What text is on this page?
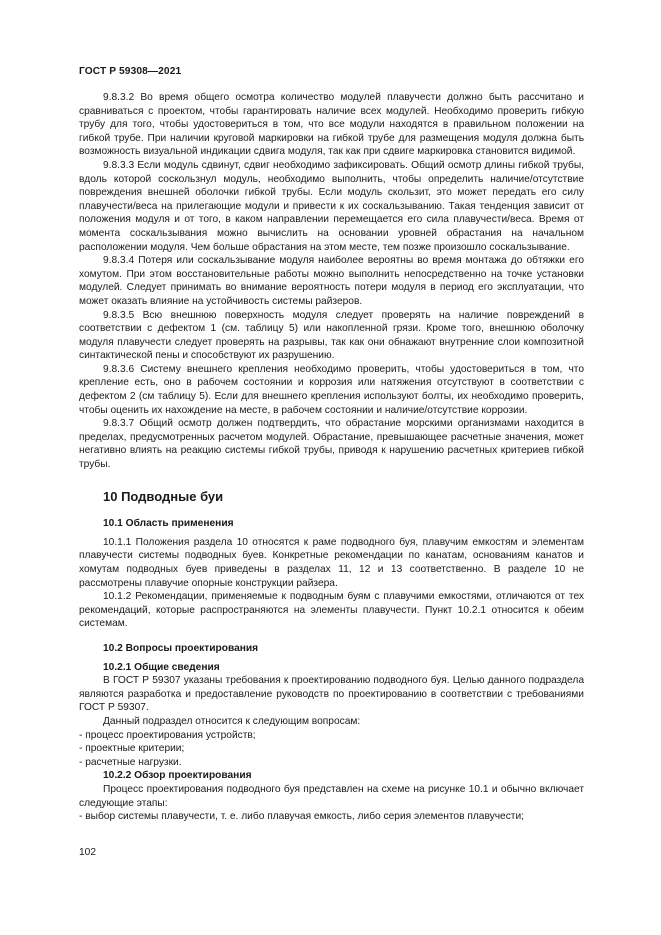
ГОСТ Р 59308—2021

9.8.3.2 Во время общего осмотра количество модулей плавучести должно быть рассчитано и сравниваться с проектом, чтобы гарантировать наличие всех модулей. Необходимо проверить гибкую трубу для того, чтобы удостовериться в том, что все модули находятся в правильном положении на гибкой трубе. При наличии круговой маркировки на гибкой трубе для размещения модуля должна быть возможность визуальной индикации сдвига модуля, так как при сдвиге маркировка становится видимой.

9.8.3.3 Если модуль сдвинут, сдвиг необходимо зафиксировать. Общий осмотр длины гибкой трубы, вдоль которой соскользнул модуль, необходимо выполнить, чтобы определить наличие/отсутствие повреждения внешней оболочки гибкой трубы. Если модуль скользит, это может передать его силу плавучести/веса на прилегающие модули и привести к их соскальзыванию. Такая тенденция зависит от положения модуля и от того, в каком направлении перемещается его сила плавучести/веса. Время от момента соскальзывания можно вычислить на основании уровней обрастания на начальном расположении модуля. Чем больше обрастания на этом месте, тем позже произошло соскальзывание.

9.8.3.4 Потеря или соскальзывание модуля наиболее вероятны во время монтажа до обтяжки его хомутом. При этом восстановительные работы можно выполнить непосредственно на точке установки модулей. Следует принимать во внимание вероятность потери модуля в период его эксплуатации, что может оказать влияние на устойчивость системы райзеров.

9.8.3.5 Всю внешнюю поверхность модуля следует проверять на наличие повреждений в соответствии с дефектом 1 (см. таблицу 5) или накопленной грязи. Кроме того, внешнюю оболочку модуля плавучести следует проверять на разрывы, так как они обнажают внутренние слои композитной синтактической пены и способствуют их разрушению.

9.8.3.6 Систему внешнего крепления необходимо проверить, чтобы удостовериться в том, что крепление есть, оно в рабочем состоянии и коррозия или натяжения отсутствуют в соответствии с дефектом 2 (см таблицу 5). Если для внешнего крепления используют болты, их необходимо проверить, чтобы оценить их нахождение на месте, в рабочем состоянии и наличие/отсутствие коррозии.

9.8.3.7 Общий осмотр должен подтвердить, что обрастание морскими организмами находится в пределах, предусмотренных расчетом модулей. Обрастание, превышающее расчетные значения, может негативно влиять на реакцию системы гибкой трубы, приводя к нарушению расчетных критериев гибкой трубы.

10 Подводные буи
10.1 Область применения

10.1.1 Положения раздела 10 относятся к раме подводного буя, плавучим емкостям и элементам плавучести системы подводных буев. Конкретные рекомендации по канатам, основаниям канатов и хомутам подводных буев приведены в разделах 11, 12 и 13 соответственно. В разделе 10 не рассмотрены плавучие опорные конструкции райзера.

10.1.2 Рекомендации, применяемые к подводным буям с плавучими емкостями, отличаются от тех рекомендаций, которые распространяются на элементы плавучести. Пункт 10.2.1 относится к обеим системам.

10.2 Вопросы проектирования
10.2.1 Общие сведения

В ГОСТ Р 59307 указаны требования к проектированию подводного буя. Целью данного подраздела являются разработка и предоставление руководств по проектированию в соответствии с требованиями ГОСТ Р 59307.

Данный подраздел относится к следующим вопросам:

- процесс проектирования устройств;

- проектные критерии;

- расчетные нагрузки.

10.2.2 Обзор проектирования

Процесс проектирования подводного буя представлен на схеме на рисунке 10.1 и обычно включает следующие этапы:

- выбор системы плавучести, т. е. либо плавучая емкость, либо серия элементов плавучести;

102
